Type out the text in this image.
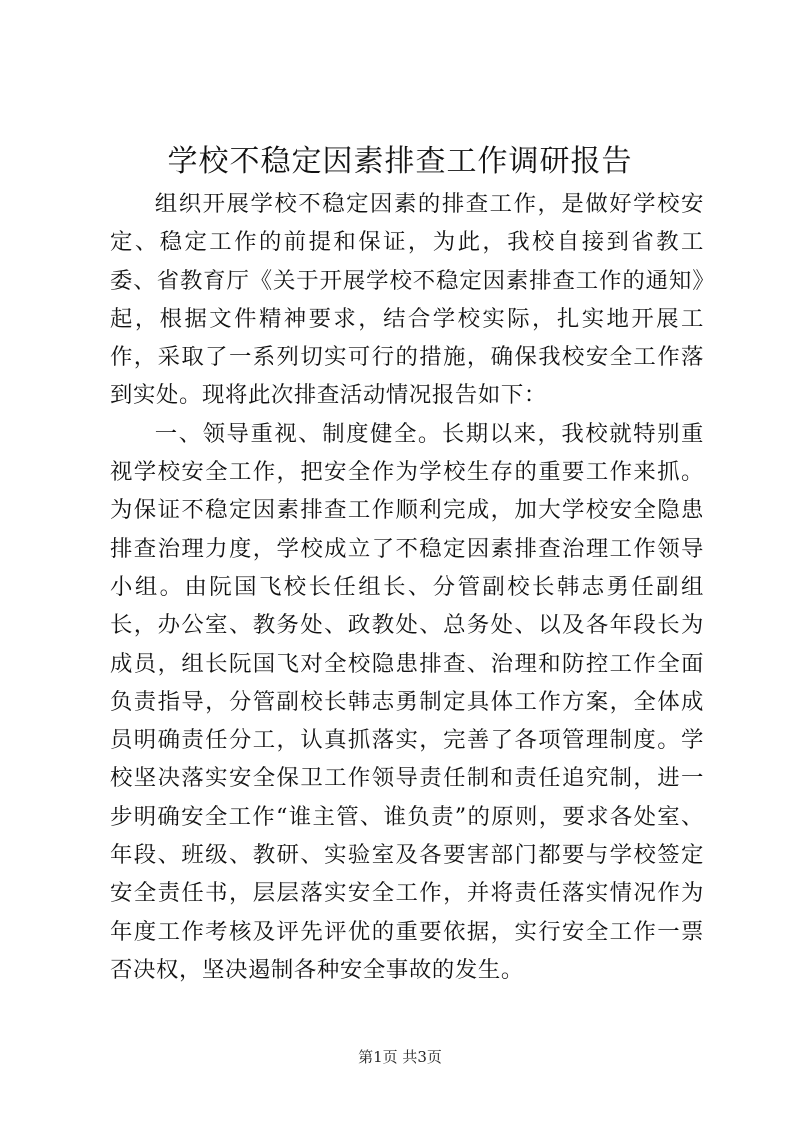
学校不稳定因素排查工作调研报告

组织开展学校不稳定因素的排查工作，是做好学校安定、稳定工作的前提和保证，为此，我校自接到省教工委、省教育厅《关于开展学校不稳定因素排查工作的通知》起，根据文件精神要求，结合学校实际，扎实地开展工作，采取了一系列切实可行的措施，确保我校安全工作落到实处。现将此次排查活动情况报告如下：

一、领导重视、制度健全。长期以来，我校就特别重视学校安全工作，把安全作为学校生存的重要工作来抓。为保证不稳定因素排查工作顺利完成，加大学校安全隐患排查治理力度，学校成立了不稳定因素排查治理工作领导小组。由阮国飞校长任组长、分管副校长韩志勇任副组长，办公室、教务处、政教处、总务处、以及各年段长为成员，组长阮国飞对全校隐患排查、治理和防控工作全面负责指导，分管副校长韩志勇制定具体工作方案，全体成员明确责任分工，认真抓落实，完善了各项管理制度。学校坚决落实安全保卫工作领导责任制和责任追究制，进一步明确安全工作“谁主管、谁负责”的原则，要求各处室、年段、班级、教研、实验室及各要害部门都要与学校签定安全责任书，层层落实安全工作，并将责任落实情况作为年度工作考核及评先评优的重要依据，实行安全工作一票否决权，坚决遏制各种安全事故的发生。

第1页 共3页
